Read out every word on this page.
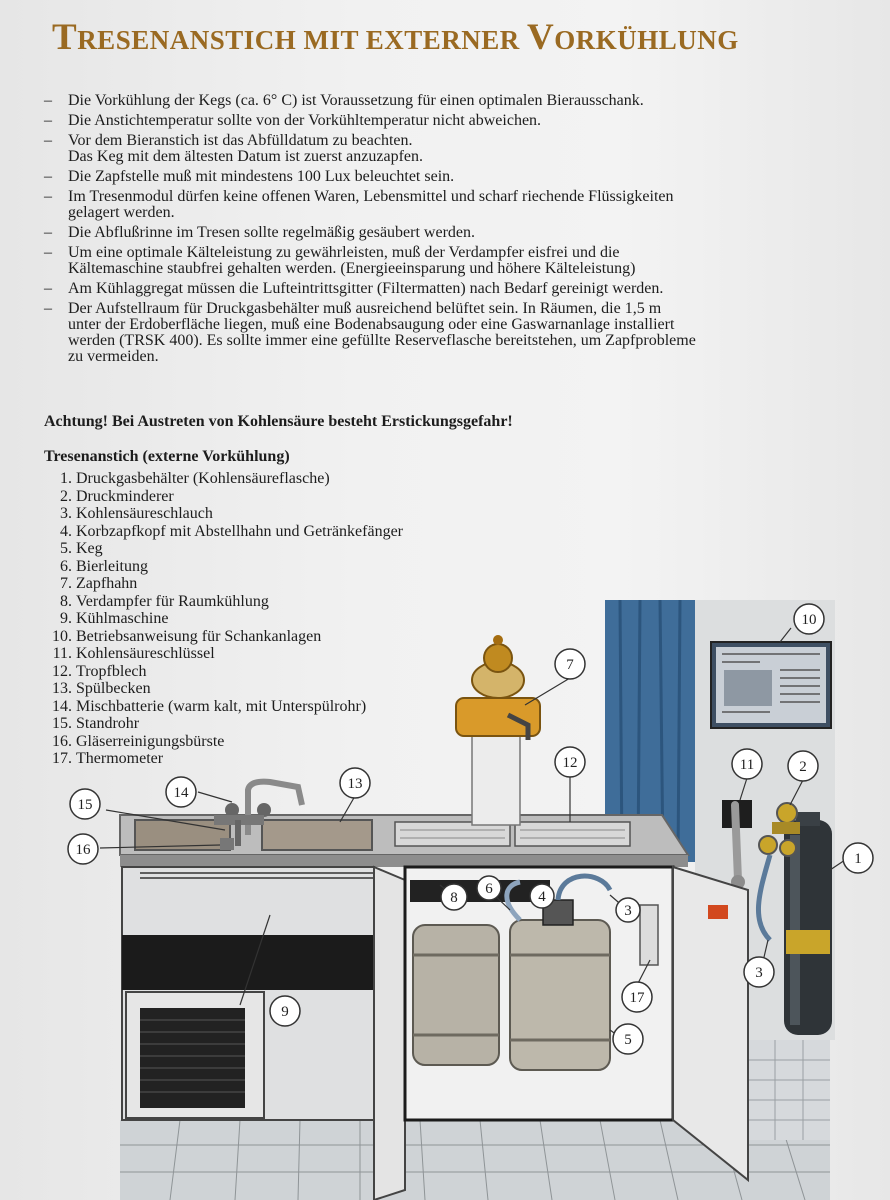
TRESENANSTICH MIT EXTERNER VORKÜHLUNG
– Die Vorkühlung der Kegs (ca. 6° C) ist Voraussetzung für einen optimalen Bierausschank.
– Die Anstichtemperatur sollte von der Vorkühltemperatur nicht abweichen.
– Vor dem Bieranstich ist das Abfülldatum zu beachten.
Das Keg mit dem ältesten Datum ist zuerst anzuzapfen.
– Die Zapfstelle muß mit mindestens 100 Lux beleuchtet sein.
– Im Tresenmodul dürfen keine offenen Waren, Lebensmittel und scharf riechende Flüssigkeiten
gelagert werden.
– Die Abflußrinne im Tresen sollte regelmäßig gesäubert werden.
– Um eine optimale Kälteleistung zu gewährleisten, muß der Verdampfer eisfrei und die
Kältemaschine staubfrei gehalten werden. (Energieeinsparung und höhere Kälteleistung)
– Am Kühlaggregat müssen die Lufteintrittsgitter (Filtermatten) nach Bedarf gereinigt werden.
– Der Aufstellraum für Druckgasbehälter muß ausreichend belüftet sein. In Räumen, die 1,5 m
unter der Erdoberfläche liegen, muß eine Bodenabsaugung oder eine Gaswarnanlage installiert
werden (TRSK 400). Es sollte immer eine gefüllte Reserveflasche bereitstehen, um Zapfprobleme
zu vermeiden.

Achtung! Bei Austreten von Kohlensäure besteht Erstickungsgefahr!

Tresenanstich (externe Vorkühlung)

1.
Druckgasbehälter (Kohlensäureflasche)
2.
Druckminderer
3.
Kohlensäureschlauch
4.
Korbzapfkopf mit Abstellhahn und Getränkefänger
5.
Keg
6.
Bierleitung
7.
Zapfhahn
8.
Verdampfer für Raumkühlung
9.
Kühlmaschine
10.
Betriebsanweisung für Schankanlagen
11.
Kohlensäureschlüssel
12.
Tropfblech
13.
Spülbecken
14.
Mischbatterie (warm kalt, mit Unterspülrohr)
15.
Standrohr
16.
Gläserreinigungsbürste
17.
Thermometer
10
1
2
11
7
12
13
14
15
16
9
8
6	4
3
17
5
3
